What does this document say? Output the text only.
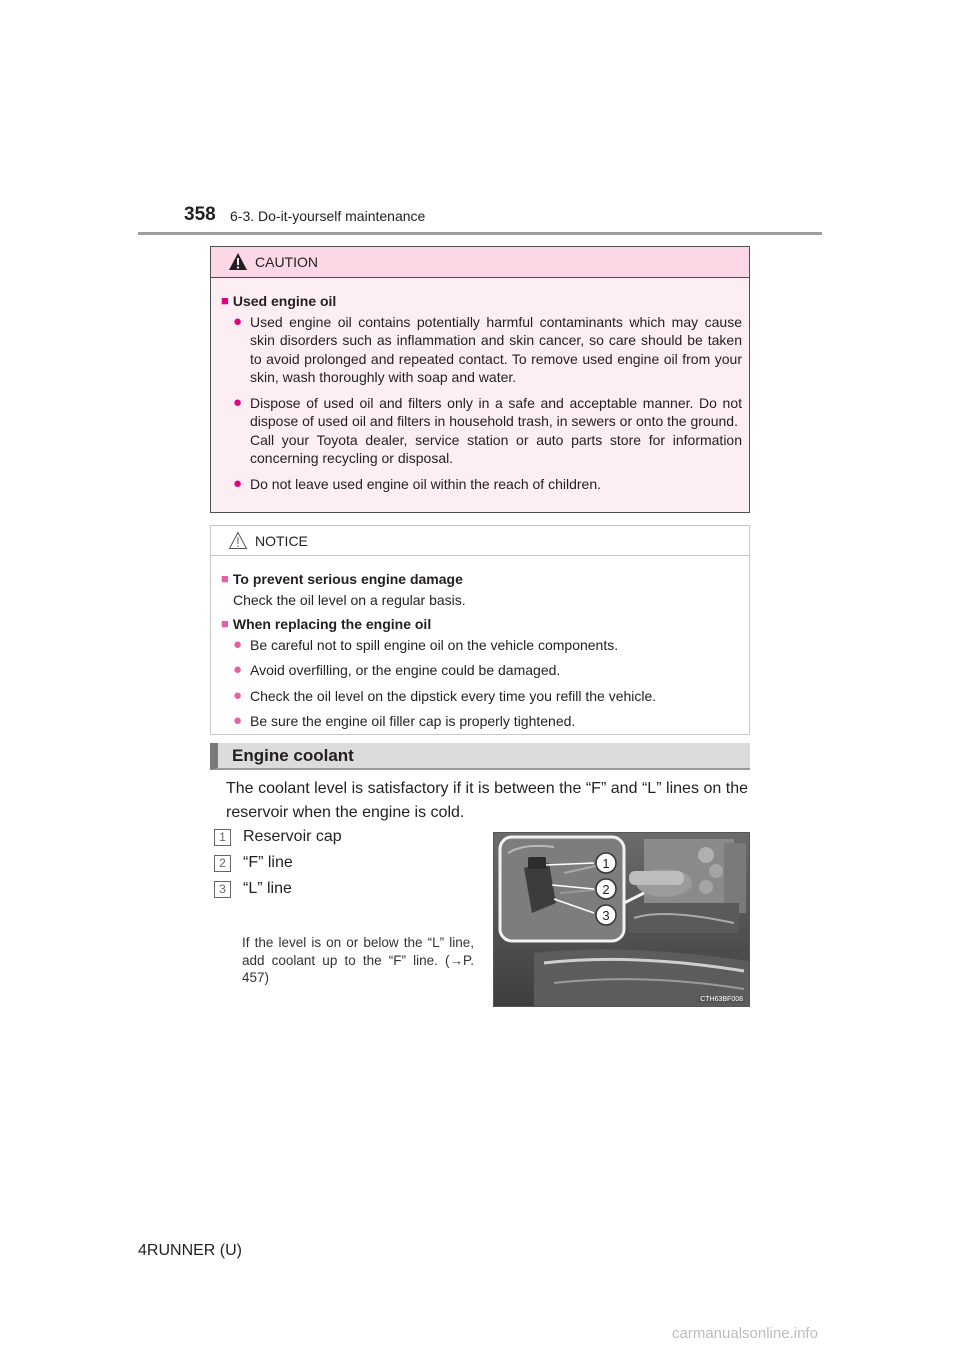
358 6-3. Do-it-yourself maintenance
CAUTION
■ Used engine oil
● Used engine oil contains potentially harmful contaminants which may cause skin disorders such as inflammation and skin cancer, so care should be taken to avoid prolonged and repeated contact. To remove used engine oil from your skin, wash thoroughly with soap and water.
● Dispose of used oil and filters only in a safe and acceptable manner. Do not dispose of used oil and filters in household trash, in sewers or onto the ground.
Call your Toyota dealer, service station or auto parts store for information concerning recycling or disposal.
● Do not leave used engine oil within the reach of children.
NOTICE
■ To prevent serious engine damage
Check the oil level on a regular basis.
■ When replacing the engine oil
● Be careful not to spill engine oil on the vehicle components.
● Avoid overfilling, or the engine could be damaged.
● Check the oil level on the dipstick every time you refill the vehicle.
● Be sure the engine oil filler cap is properly tightened.
Engine coolant
The coolant level is satisfactory if it is between the “F” and “L” lines on the reservoir when the engine is cold.
1	Reservoir cap
2	“F” line
3	“L” line
If the level is on or below the “L” line, add coolant up to the “F” line. (→P. 457)
1
2
3
CTH63BF008
4RUNNER (U)
carmanualsonline.info
